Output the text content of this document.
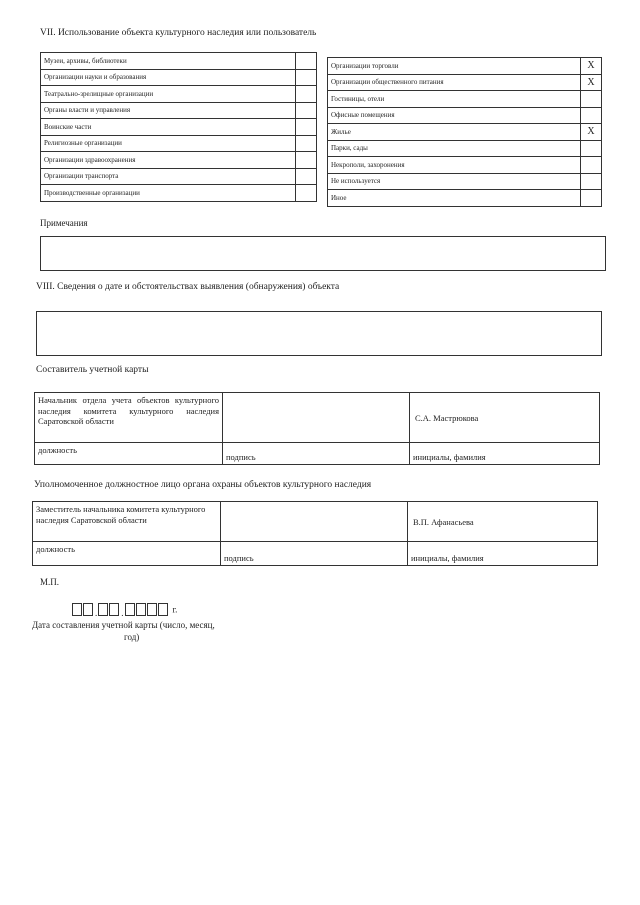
VII. Использование объекта культурного наследия или пользователь
Музеи, архивы, библиотеки	
Организации науки и образования	
Театрально-зрелищные организации	
Органы власти и управления	
Воинские части	
Религиозные организации	
Организации здравоохранения	
Организации транспорта	
Производственные организации	
Организации торговли	X
Организации общественного питания	X
Гостиницы, отели	
Офисные помещения	
Жилье	X
Парки, сады	
Некрополи, захоронения	
Не используется	
Иное	
Примечания
VIII. Сведения о дате и обстоятельствах выявления (обнаружения) объекта
Составитель учетной карты
Начальник отдела учета объектов культурного наследия комитета культурного наследия Саратовской области		С.А. Мастрюкова
должность	подпись	инициалы, фамилия
Уполномоченное должностное лицо органа охраны объектов культурного наследия
Заместитель начальника комитета культурного наследия Саратовской области		В.П. Афанасьева
должность	подпись	инициалы, фамилия
М.П.
.	.	г.
Дата составления учетной карты (число, месяц,
год)
